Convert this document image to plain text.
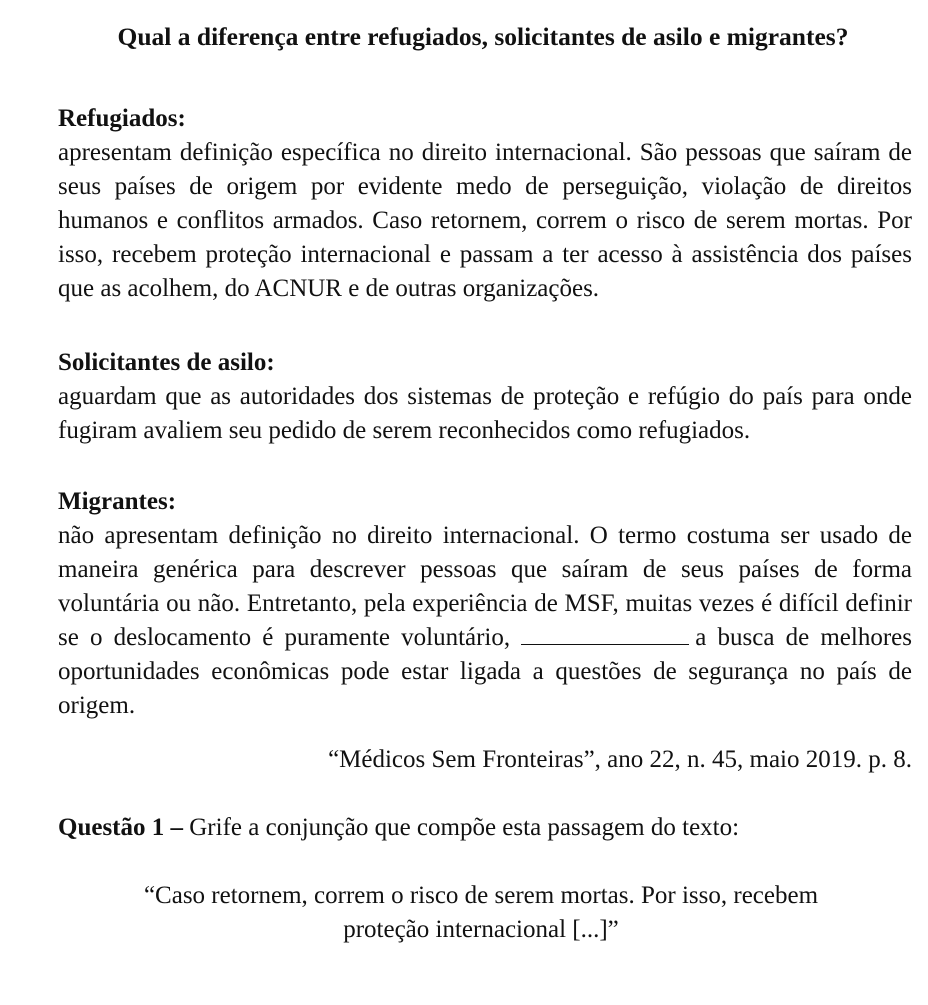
Qual a diferença entre refugiados, solicitantes de asilo e migrantes?

Refugiados:

apresentam definição específica no direito internacional. São pessoas que saíram de seus países de origem por evidente medo de perseguição, violação de direitos humanos e conflitos armados. Caso retornem, correm o risco de serem mortas. Por isso, recebem proteção internacional e passam a ter acesso à assistência dos países que as acolhem, do ACNUR e de outras organizações.

Solicitantes de asilo:

aguardam que as autoridades dos sistemas de proteção e refúgio do país para onde fugiram avaliem seu pedido de serem reconhecidos como refugiados.

Migrantes:

não apresentam definição no direito internacional. O termo costuma ser usado de maneira genérica para descrever pessoas que saíram de seus países de forma voluntária ou não. Entretanto, pela experiência de MSF, muitas vezes é difícil definir se o deslocamento é puramente voluntário,	a busca de melhores oportunidades econômicas pode estar ligada a questões de segurança no país de origem.

“Médicos Sem Fronteiras”, ano 22, n. 45, maio 2019. p. 8.

Questão 1 – Grife a conjunção que compõe esta passagem do texto:

“Caso retornem, correm o risco de serem mortas. Por isso, recebem
proteção internacional [...]”
